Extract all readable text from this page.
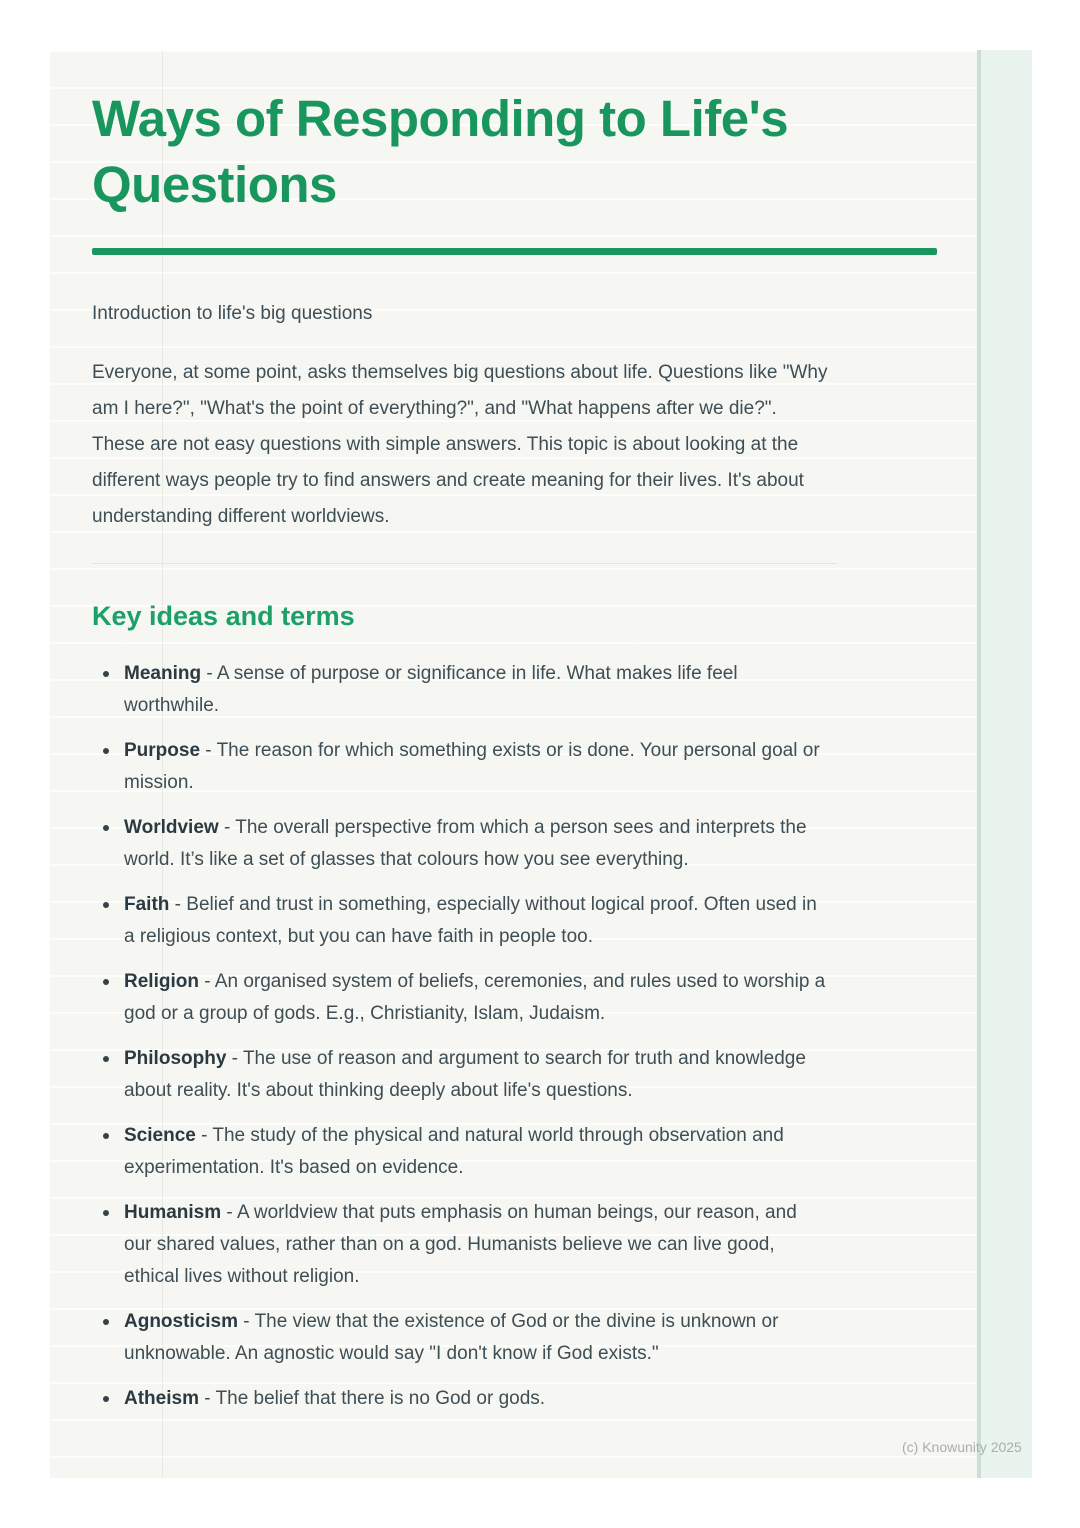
Ways of Responding to Life's Questions

Introduction to life's big questions

Everyone, at some point, asks themselves big questions about life. Questions like "Why am I here?", "What's the point of everything?", and "What happens after we die?". These are not easy questions with simple answers. This topic is about looking at the different ways people try to find answers and create meaning for their lives. It's about understanding different worldviews.

Key ideas and terms
Meaning - A sense of purpose or significance in life. What makes life feel worthwhile.
Purpose - The reason for which something exists or is done. Your personal goal or mission.
Worldview - The overall perspective from which a person sees and interprets the world. It’s like a set of glasses that colours how you see everything.
Faith - Belief and trust in something, especially without logical proof. Often used in a religious context, but you can have faith in people too.
Religion - An organised system of beliefs, ceremonies, and rules used to worship a god or a group of gods. E.g., Christianity, Islam, Judaism.
Philosophy - The use of reason and argument to search for truth and knowledge about reality. It's about thinking deeply about life's questions.
Science - The study of the physical and natural world through observation and experimentation. It's based on evidence.
Humanism - A worldview that puts emphasis on human beings, our reason, and our shared values, rather than on a god. Humanists believe we can live good, ethical lives without religion.
Agnosticism - The view that the existence of God or the divine is unknown or unknowable. An agnostic would say "I don't know if God exists."
Atheism - The belief that there is no God or gods.
(c) Knowunity 2025
